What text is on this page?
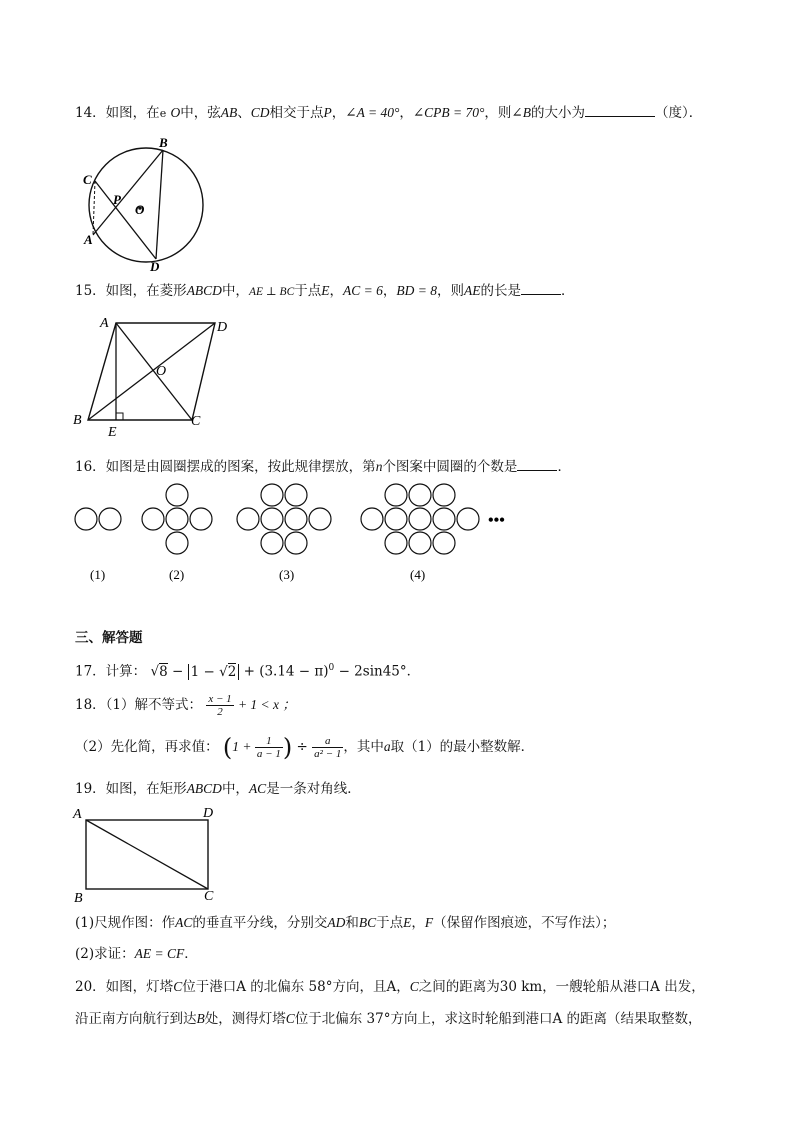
14．如图，在e O中，弦AB、CD相交于点P，∠A = 40°，∠CPB = 70°，则∠B的大小为	（度）．
B
C
P
O
A
D
15．如图，在菱形ABCD中，AE ⊥ BC于点E，AC = 6，BD = 8，则AE的长是	．
A	D
O
B
E
C
16．如图是由圆圈摆成的图案，按此规律摆放，第n个图案中圆圈的个数是	．
•••
(1)	(2)	(3)	(4)
三、解答题
17．计算： $√8 - 1 - √2 + (3.14 - \pi)^0 - 2\sin 45^\circ$．
18．（1）解不等式： $\frac{x - 1}{2} + 1 < x$ ；
（2）先化简，再求值： ($1 + \frac{1}{a - 1}$ ) ÷ $\frac{a}{\text{a² − 1}}$ ，其中a取（1）的最小整数解．
19．如图，在矩形ABCD中，AC是一条对角线．
A	D
B	C
(1)尺规作图：作AC的垂直平分线，分别交AD和BC于点E，F（保留作图痕迹，不写作法）；
(2)求证：AE = CF．
20．如图，灯塔C位于港口A 的北偏东 58°方向，且A，C之间的距离为30 km，一艘轮船从港口A 出发，
沿正南方向航行到达B处，测得灯塔C位于北偏东 37°方向上，求这时轮船到港口A 的距离（结果取整数，
